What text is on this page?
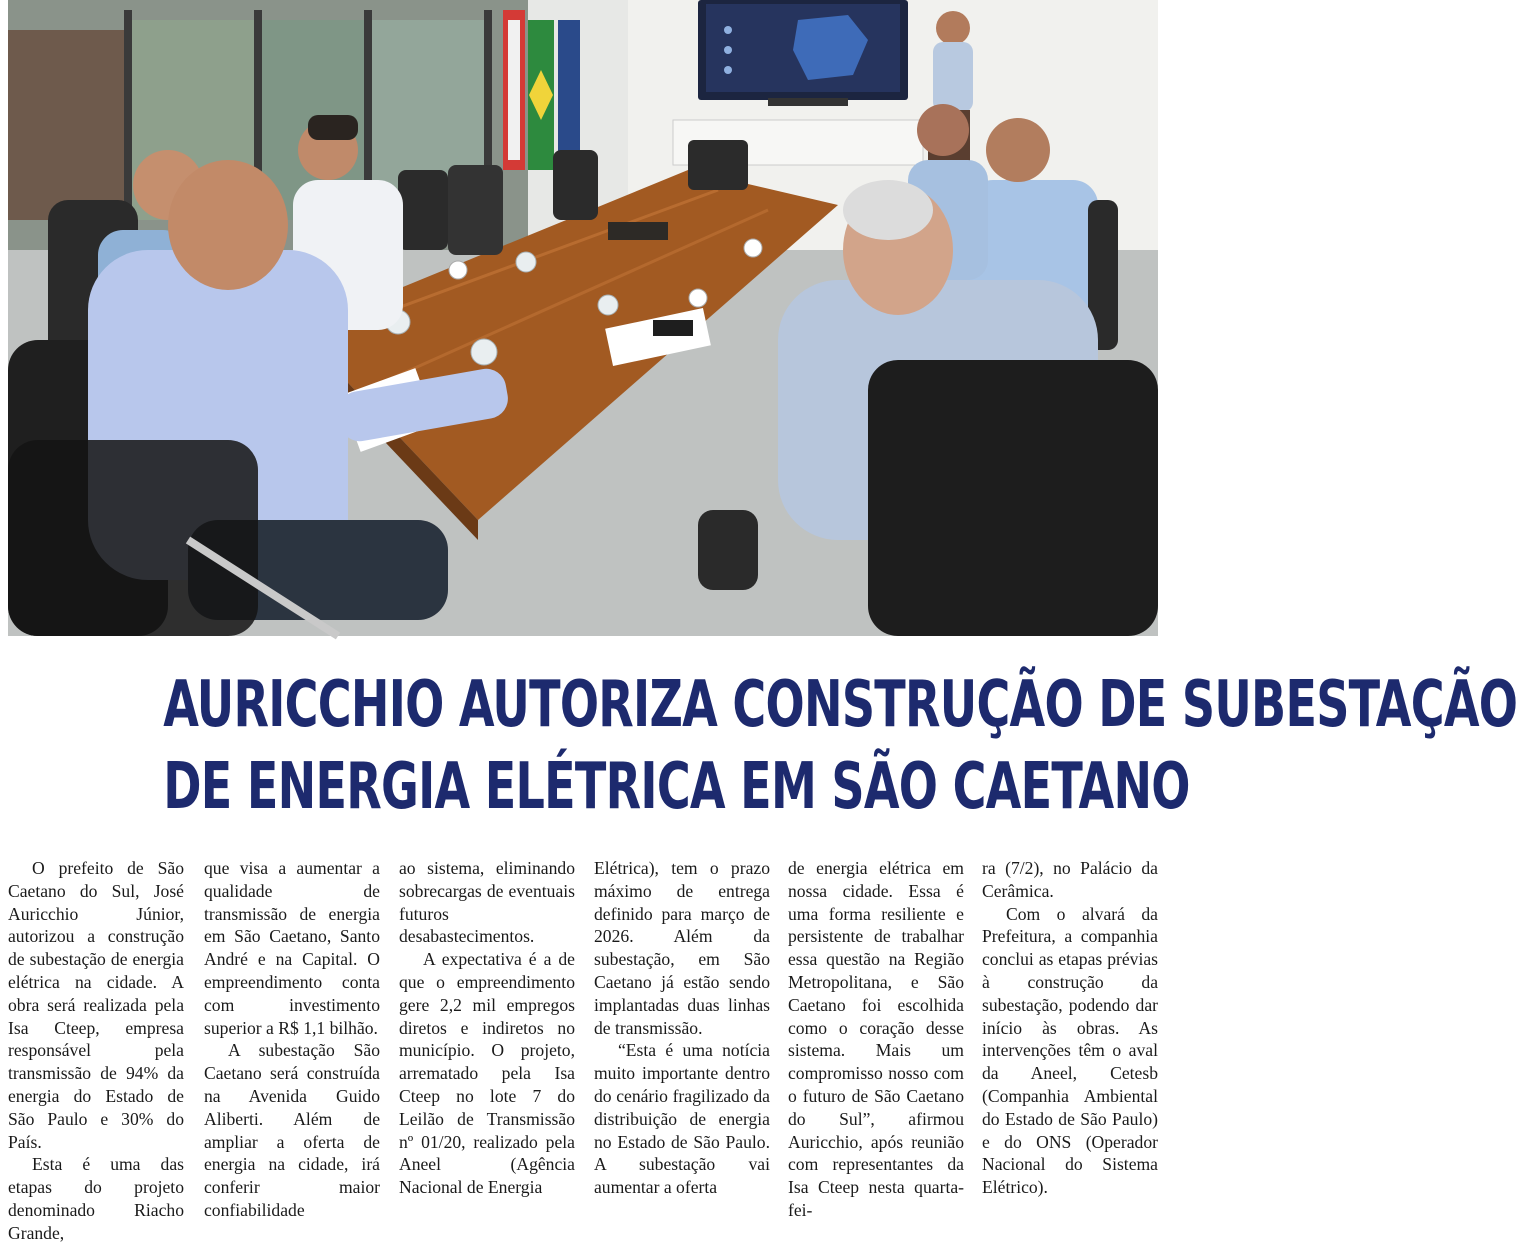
AURICCHIO AUTORIZA CONSTRUÇÃO DE SUBESTAÇÃO
DE ENERGIA ELÉTRICA EM SÃO CAETANO

O prefeito de São Caetano do Sul, José Auricchio Júnior, autorizou a construção de subestação de energia elétrica na cidade. A obra será realizada pela Isa Cteep, empresa responsável pela transmissão de 94% da energia do Estado de São Paulo e 30% do País.

Esta é uma das etapas do projeto denominado Riacho Grande,

que visa a aumentar a qualidade de transmissão de energia em São Caetano, Santo André e na Capital. O empreendimento conta com investimento superior a R$ 1,1 bilhão.

A subestação São Caetano será construída na Avenida Guido Aliberti. Além de ampliar a oferta de energia na cidade, irá conferir maior confiabilidade

ao sistema, eliminando sobrecargas de eventuais futuros desabastecimentos.

A expectativa é a de que o empreendimento gere 2,2 mil empregos diretos e indiretos no município. O projeto, arrematado pela Isa Cteep no lote 7 do Leilão de Transmissão nº 01/20, realizado pela Aneel (Agência Nacional de Energia

Elétrica), tem o prazo máximo de entrega definido para março de 2026. Além da subestação, em São Caetano já estão sendo implantadas duas linhas de transmissão.

“Esta é uma notícia muito importante dentro do cenário fragilizado da distribuição de energia no Estado de São Paulo. A subestação vai aumentar a oferta

de energia elétrica em nossa cidade. Essa é uma forma resiliente e persistente de trabalhar essa questão na Região Metropolitana, e São Caetano foi escolhida como o coração desse sistema. Mais um compromisso nosso com o futuro de São Caetano do Sul”, afirmou Auricchio, após reunião com representantes da Isa Cteep nesta quarta-fei-

ra (7/2), no Palácio da Cerâmica.

Com o alvará da Prefeitura, a companhia conclui as etapas prévias à construção da subestação, podendo dar início às obras. As intervenções têm o aval da Aneel, Cetesb (Companhia Ambiental do Estado de São Paulo) e do ONS (Operador Nacional do Sistema Elétrico).
